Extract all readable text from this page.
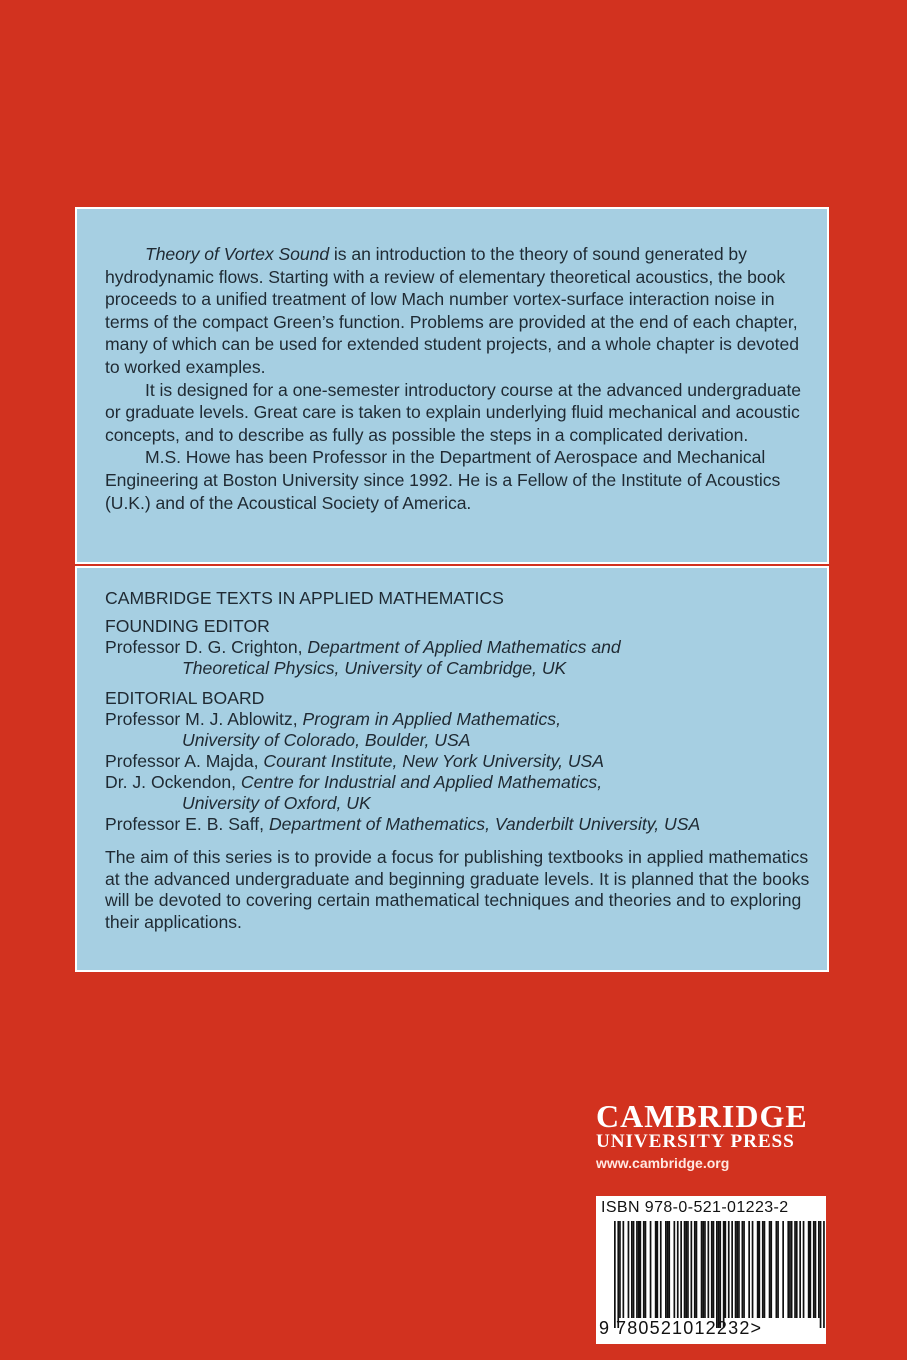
Theory of Vortex Sound is an introduction to the theory of sound generated by hydrodynamic flows. Starting with a review of elementary theoretical acoustics, the book proceeds to a unified treatment of low Mach number vortex-surface interaction noise in terms of the compact Green’s function. Problems are provided at the end of each chapter, many of which can be used for extended student projects, and a whole chapter is devoted to worked examples.

It is designed for a one-semester introductory course at the advanced undergraduate or graduate levels. Great care is taken to explain underlying fluid mechanical and acoustic concepts, and to describe as fully as possible the steps in a complicated derivation.

M.S. Howe has been Professor in the Department of Aerospace and Mechanical Engineering at Boston University since 1992. He is a Fellow of the Institute of Acoustics (U.K.) and of the Acoustical Society of America.

CAMBRIDGE TEXTS IN APPLIED MATHEMATICS

FOUNDING EDITOR

Professor D. G. Crighton, Department of Applied Mathematics and

Theoretical Physics, University of Cambridge, UK

EDITORIAL BOARD

Professor M. J. Ablowitz, Program in Applied Mathematics,

University of Colorado, Boulder, USA

Professor A. Majda, Courant Institute, New York University, USA

Dr. J. Ockendon, Centre for Industrial and Applied Mathematics,

University of Oxford, UK

Professor E. B. Saff, Department of Mathematics, Vanderbilt University, USA

The aim of this series is to provide a focus for publishing textbooks in applied mathematics at the advanced undergraduate and beginning graduate levels. It is planned that the books will be devoted to covering certain mathematical techniques and theories and to exploring their applications.

CAMBRIDGE
UNIVERSITY PRESS
www.cambridge.org
ISBN 978-0-521-01223-2
9 780521012232>
